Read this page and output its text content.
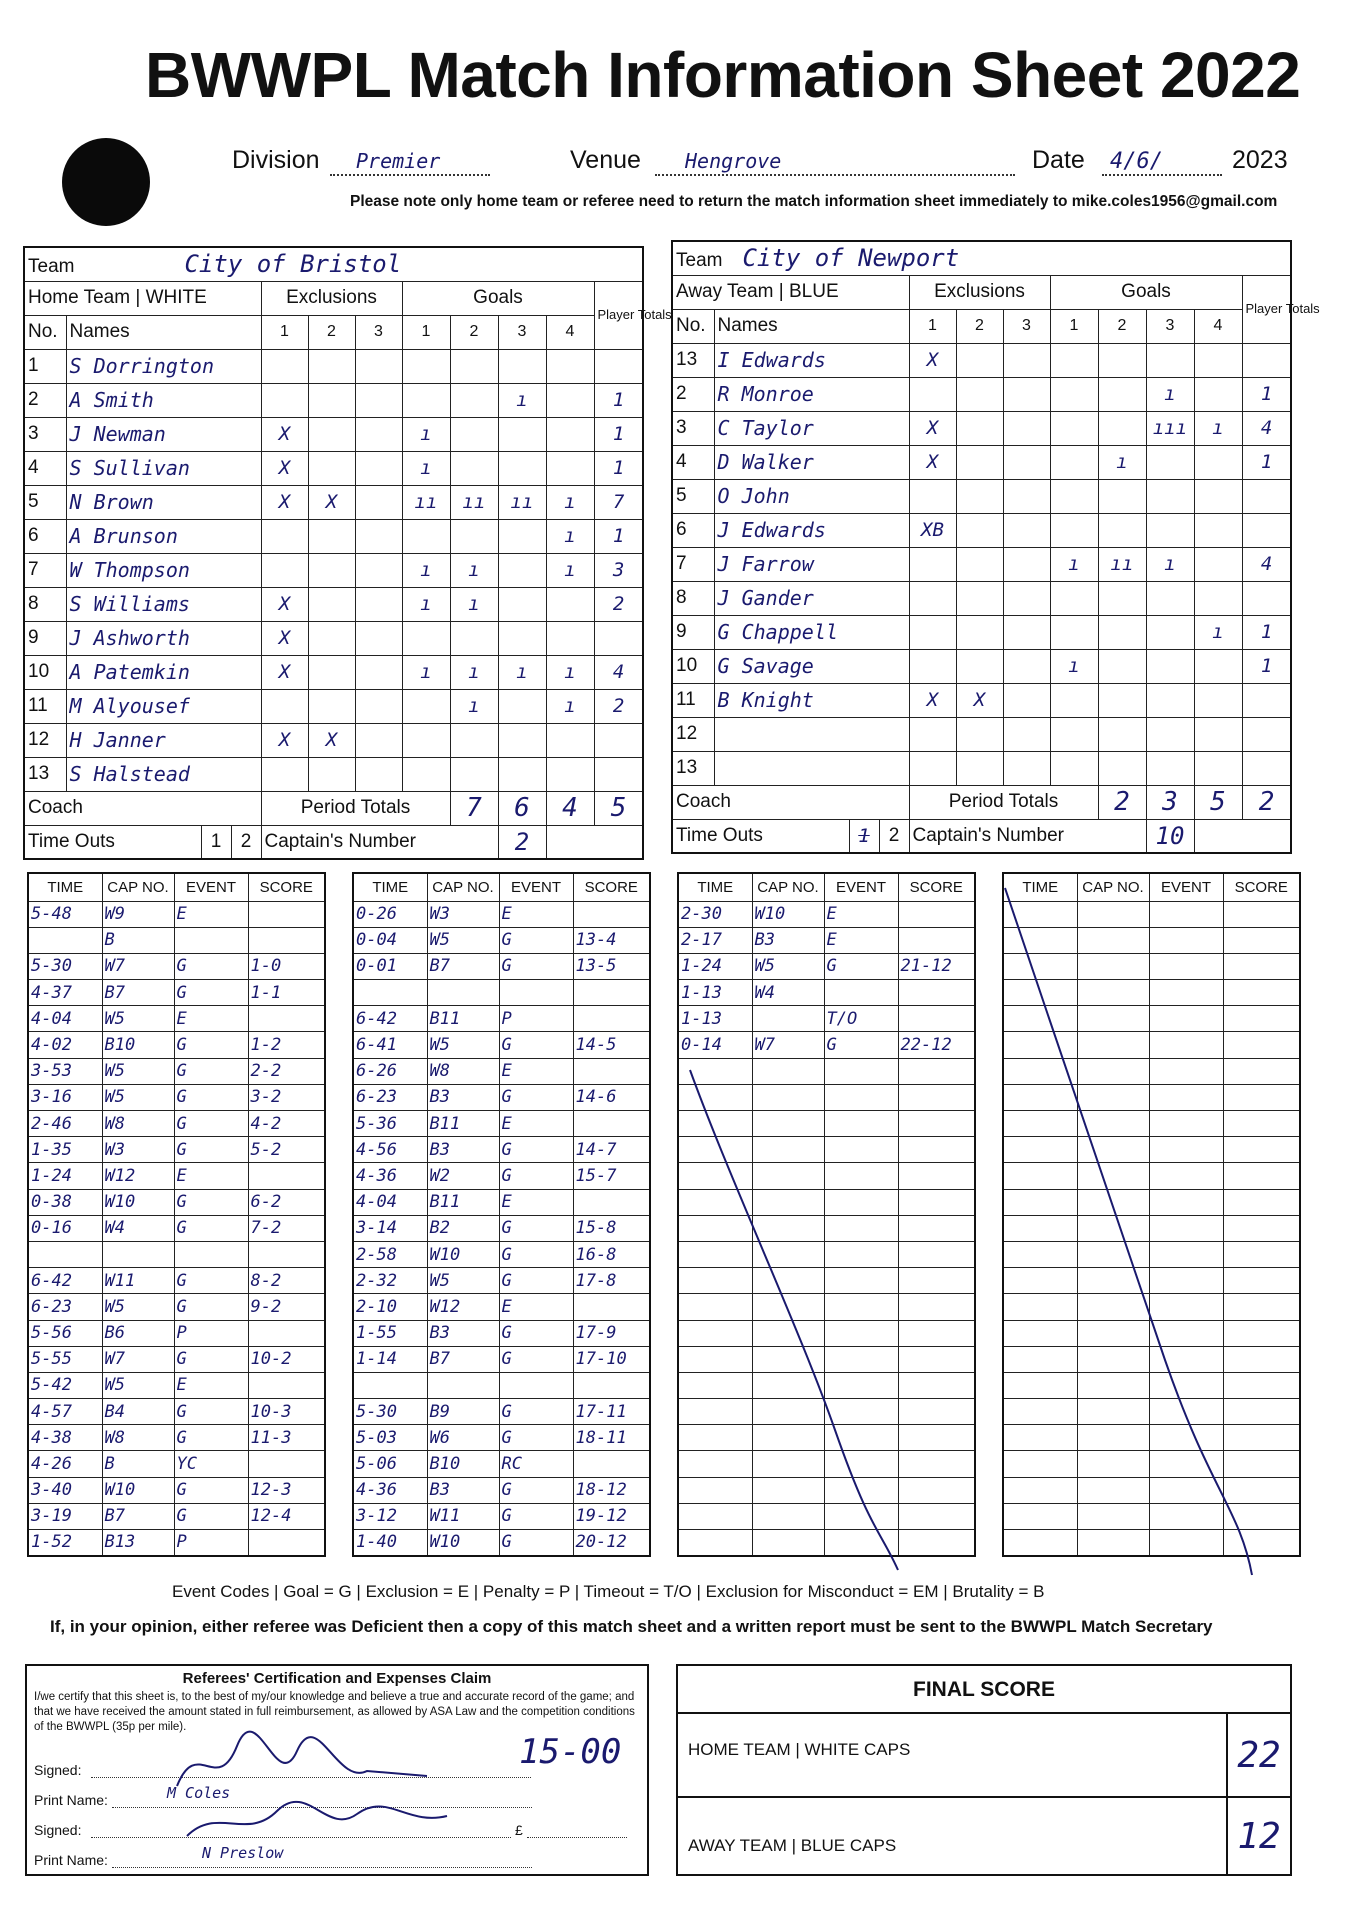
BWWPL Match Information Sheet 2022
Division	Premier	Venue	Hengrove	Date	4/6/	2023
Please note only home team or referee need to return the match information sheet immediately to mike.coles1956@gmail.com
Team City of Bristol										
Home Team | WHITE		Exclusions			Goals				Player Totals	
No.	Names	1	2	3	1	2	3	4		
1	S Dorrington									
2	A Smith						ı		1	
3	J Newman	X			ı				1	
4	S Sullivan	X			ı				1	
5	N Brown	X	X		ıı	ıı	ıı	ı	7	
6	A Brunson							ı	1	
7	W Thompson				ı	ı		ı	3	
8	S Williams	X			ı	ı			2	
9	J Ashworth	X								
10	A Patemkin	X			ı	ı	ı	ı	4	
11	M Alyousef					ı		ı	2	
12	H Janner	X	X							
13	S Halstead									
Coach		Period Totals				7	6	4	5	

Time Outs 1 2		Captain's Number					2			
Team City of Newport										
Away Team | BLUE		Exclusions			Goals				Player Totals	
No.	Names	1	2	3	1	2	3	4		
13	I Edwards	X								
2	R Monroe						ı		1	
3	C Taylor	X					ııı	ı	4	
4	D Walker	X				ı			1	
5	O John									
6	J Edwards	XB								
7	J Farrow				ı	ıı	ı		4	
8	J Gander									
9	G Chappell							ı	1	
10	G Savage				ı				1	
11	B Knight	X	X							
12										
13										
Coach		Period Totals				2	3	5	2	

Time Outs 1 2		Captain's Number					10			
TIME	CAP NO.	EVENT	SCORE
5-48	W9	E	
	B		
5-30	W7	G	1-0
4-37	B7	G	1-1
4-04	W5	E	
4-02	B10	G	1-2
3-53	W5	G	2-2
3-16	W5	G	3-2
2-46	W8	G	4-2
1-35	W3	G	5-2
1-24	W12	E	
0-38	W10	G	6-2
0-16	W4	G	7-2

6-42	W11	G	8-2
6-23	W5	G	9-2
5-56	B6	P	
5-55	W7	G	10-2
5-42	W5	E	
4-57	B4	G	10-3
4-38	W8	G	11-3
4-26	B	YC	
3-40	W10	G	12-3
3-19	B7	G	12-4
1-52	B13	P	
TIME	CAP NO.	EVENT	SCORE
0-26	W3	E	
0-04	W5	G	13-4
0-01	B7	G	13-5

6-42	B11	P	
6-41	W5	G	14-5
6-26	W8	E	
6-23	B3	G	14-6
5-36	B11	E	
4-56	B3	G	14-7
4-36	W2	G	15-7
4-04	B11	E	
3-14	B2	G	15-8
2-58	W10	G	16-8
2-32	W5	G	17-8
2-10	W12	E	
1-55	B3	G	17-9
1-14	B7	G	17-10

5-30	B9	G	17-11
5-03	W6	G	18-11
5-06	B10	RC	
4-36	B3	G	18-12
3-12	W11	G	19-12
1-40	W10	G	20-12
TIME	CAP NO.	EVENT	SCORE
2-30	W10	E	
2-17	B3	E	
1-24	W5	G	21-12
1-13	W4		
1-13		T/O	
0-14	W7	G	22-12

TIME	CAP NO.	EVENT	SCORE

Event Codes | Goal = G | Exclusion = E | Penalty = P | Timeout = T/O | Exclusion for Misconduct = EM | Brutality = B
If, in your opinion, either referee was Deficient then a copy of this match sheet and a written report must be sent to the BWWPL Match Secretary
Referees' Certification and Expenses Claim
I/we certify that this sheet is, to the best of my/our knowledge and believe a true and accurate record of the game; and that we have received the amount stated in full reimbursement, as allowed by ASA Law and the competition conditions of the BWWPL (35p per mile).
Signed:	15-00
Print Name:	M Coles
Signed:	£
Print Name:	N Preslow
FINAL SCORE
HOME TEAM | WHITE CAPS	22
AWAY TEAM | BLUE CAPS	12
